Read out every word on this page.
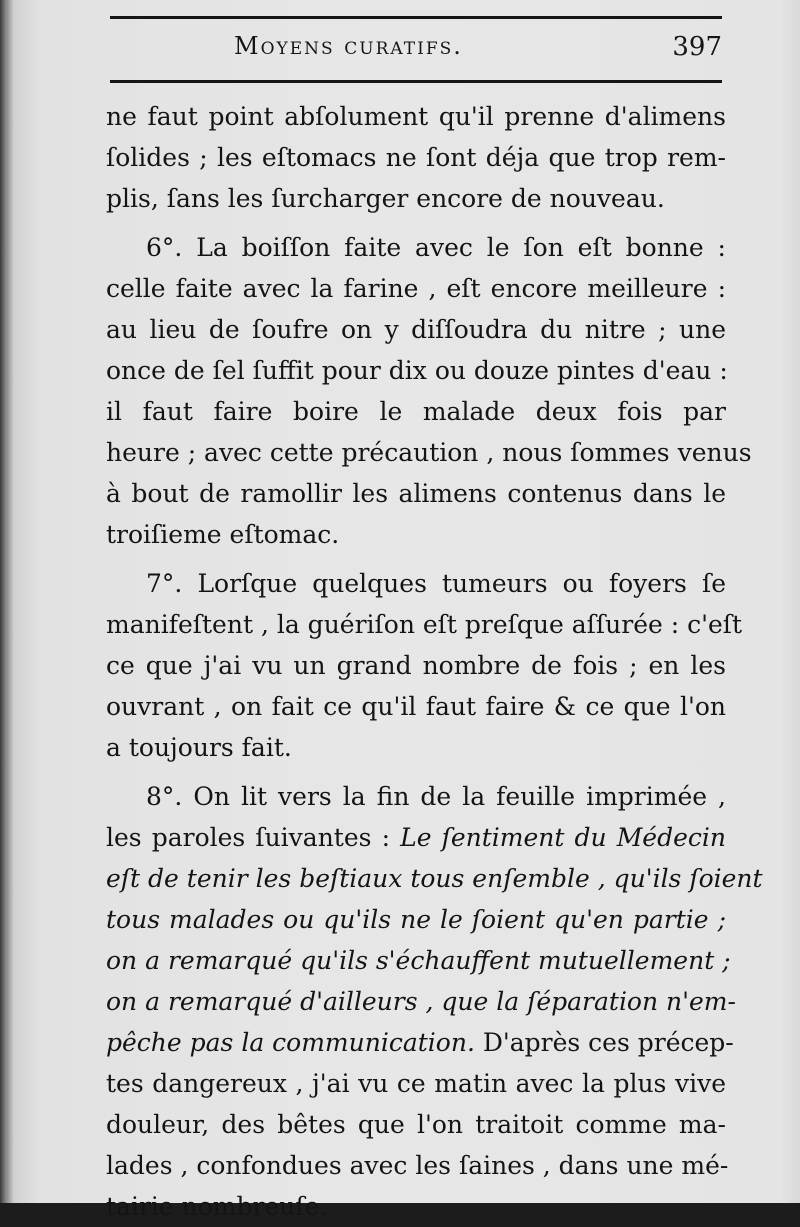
Moyens curatifs.	397
ne faut point abſolument qu'il prenne d'alimens
ſolides ; les eſtomacs ne ſont déja que trop rem-
plis, ſans les ſurcharger encore de nouveau.
6°. La boiſſon faite avec le ſon eſt bonne :
celle faite avec la farine , eſt encore meilleure :
au lieu de ſoufre on y diſſoudra du nitre ; une
once de ſel ſuffit pour dix ou douze pintes d'eau :
il faut faire boire le malade deux fois par
heure ; avec cette précaution , nous ſommes venus
à bout de ramollir les alimens contenus dans le
troiſieme eſtomac.
7°. Lorſque quelques tumeurs ou foyers ſe
manifeſtent , la guériſon eſt preſque aſſurée : c'eſt
ce que j'ai vu un grand nombre de fois ; en les
ouvrant , on fait ce qu'il faut faire & ce que l'on
a toujours fait.
8°. On lit vers la fin de la feuille imprimée ,
les paroles ſuivantes : Le ſentiment du Médecin
eſt de tenir les beſtiaux tous enſemble , qu'ils ſoient
tous malades ou qu'ils ne le ſoient qu'en partie ;
on a remarqué qu'ils s'échauffent mutuellement ;
on a remarqué d'ailleurs , que la ſéparation n'em-
pêche pas la communication. D'après ces précep-
tes dangereux , j'ai vu ce matin avec la plus vive
douleur, des bêtes que l'on traitoit comme ma-
lades , confondues avec les ſaines , dans une mé-
tairie nombreuſe.
